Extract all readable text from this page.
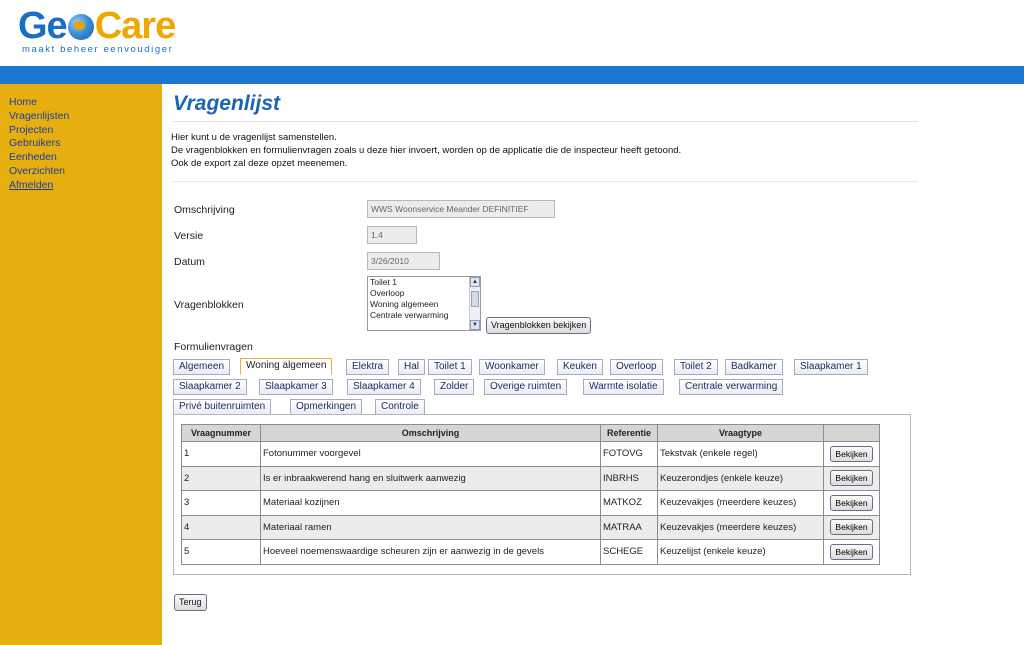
Ge Care
maakt beheer eenvoudiger
Home
Vragenlijsten
Projecten
Gebruikers
Eenheden
Overzichten
Afmelden
Vragenlijst
Hier kunt u de vragenlijst samenstellen.
De vragenblokken en formulienvragen zoals u deze hier invoert, worden op de applicatie die de inspecteur heeft getoond.
Ook de export zal deze opzet meenemen.
Omschrijving
WWS Woonservice Meander DEFINITIEF
Versie
1.4
Datum
3/26/2010
Vragenblokken
Toilet 1
Overloop
Woning algemeen
Centrale verwarming
▲
▼	Vragenblokken bekijken
Formulienvragen
Algemeen	Woning algemeen	Elektra	Hal	Toilet 1	Woonkamer	Keuken	Overloop	Toilet 2	Badkamer	Slaapkamer 1
Slaapkamer 2	Slaapkamer 3	Slaapkamer 4	Zolder	Overige ruimten	Warmte isolatie	Centrale verwarming
Privé buitenruimten	Opmerkingen	Controle
Vraagnummer	Omschrijving	Referentie	Vraagtype	
1	Fotonummer voorgevel	FOTOVG	Tekstvak (enkele regel)	Bekijken
2	Is er inbraakwerend hang en sluitwerk aanwezig	INBRHS	Keuzerondjes (enkele keuze)	Bekijken
3	Materiaal kozijnen	MATKOZ	Keuzevakjes (meerdere keuzes)	Bekijken
4	Materiaal ramen	MATRAA	Keuzevakjes (meerdere keuzes)	Bekijken
5	Hoeveel noemenswaardige scheuren zijn er aanwezig in de gevels	SCHEGE	Keuzelijst (enkele keuze)	Bekijken
Terug
